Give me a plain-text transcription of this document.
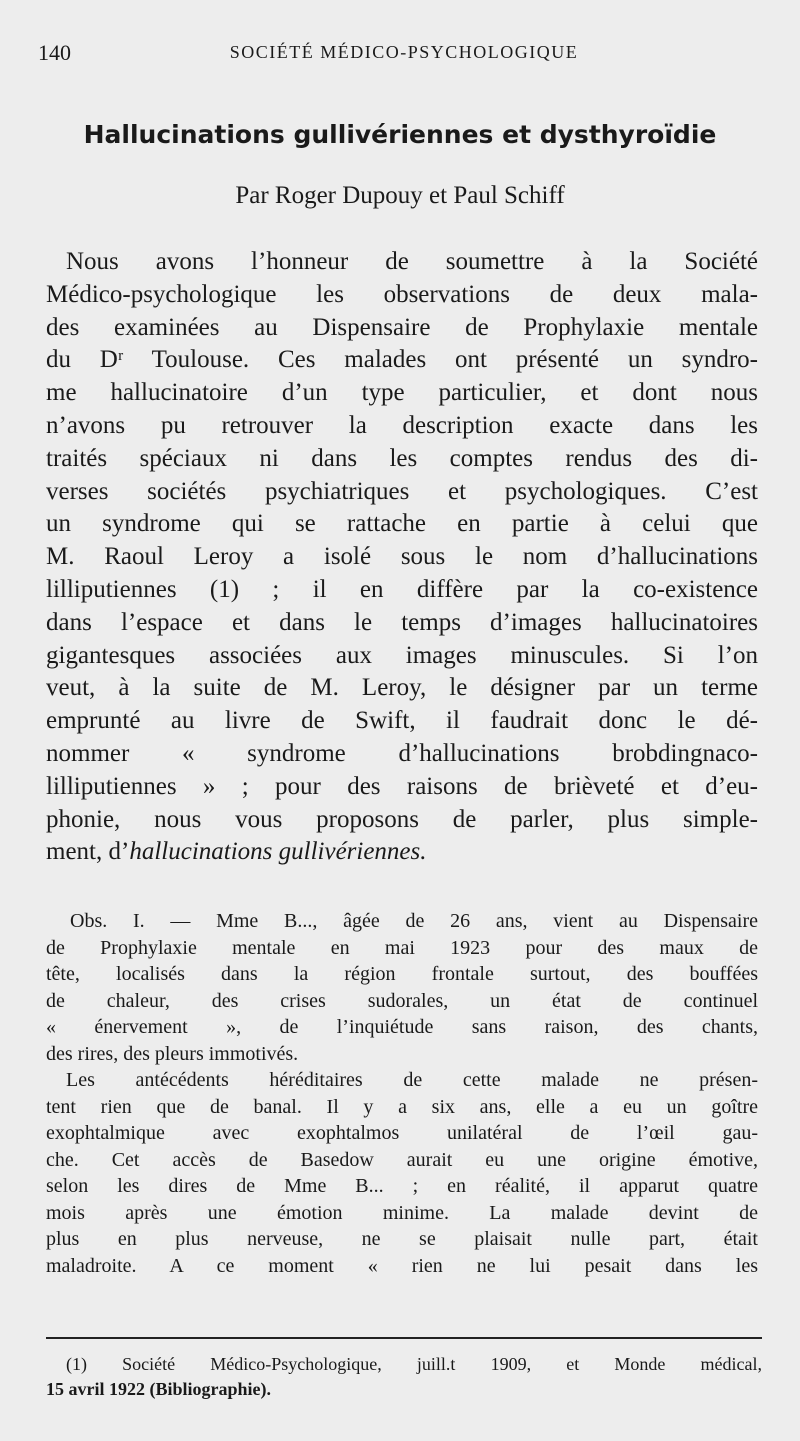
140	SOCIÉTÉ MÉDICO-PSYCHOLOGIQUE
Hallucinations gullivériennes et dysthyroïdie
Par Roger Dupouy et Paul Schiff
Nous avons l’honneur de soumettre à la Société
Médico-psychologique les observations de deux mala-
des examinées au Dispensaire de Prophylaxie mentale
du Dʳ Toulouse. Ces malades ont présenté un syndro-
me hallucinatoire d’un type particulier, et dont nous
n’avons pu retrouver la description exacte dans les
traités spéciaux ni dans les comptes rendus des di-
verses sociétés psychiatriques et psychologiques. C’est
un syndrome qui se rattache en partie à celui que
M. Raoul Leroy a isolé sous le nom d’hallucinations
lilliputiennes (1) ; il en diffère par la co-existence
dans l’espace et dans le temps d’images hallucinatoires
gigantesques associées aux images minuscules. Si l’on
veut, à la suite de M. Leroy, le désigner par un terme
emprunté au livre de Swift, il faudrait donc le dé-
nommer « syndrome d’hallucinations brobdingnaco-
lilliputiennes » ; pour des raisons de brièveté et d’eu-
phonie, nous vous proposons de parler, plus simple-
ment, d’hallucinations gullivériennes.
Obs. I. — Mme B..., âgée de 26 ans, vient au Dispensaire
de Prophylaxie mentale en mai 1923 pour des maux de
tête, localisés dans la région frontale surtout, des bouffées
de chaleur, des crises sudorales, un état de continuel
« énervement », de l’inquiétude sans raison, des chants,
des rires, des pleurs immotivés.
Les antécédents héréditaires de cette malade ne présen-
tent rien que de banal. Il y a six ans, elle a eu un goître
exophtalmique avec exophtalmos unilatéral de l’œil gau-
che. Cet accès de Basedow aurait eu une origine émotive,
selon les dires de Mme B... ; en réalité, il apparut quatre
mois après une émotion minime. La malade devint de
plus en plus nerveuse, ne se plaisait nulle part, était
maladroite. A ce moment « rien ne lui pesait dans les
(1) Société Médico-Psychologique, juill.t 1909, et Monde médical,
15 avril 1922 (Bibliographie).
